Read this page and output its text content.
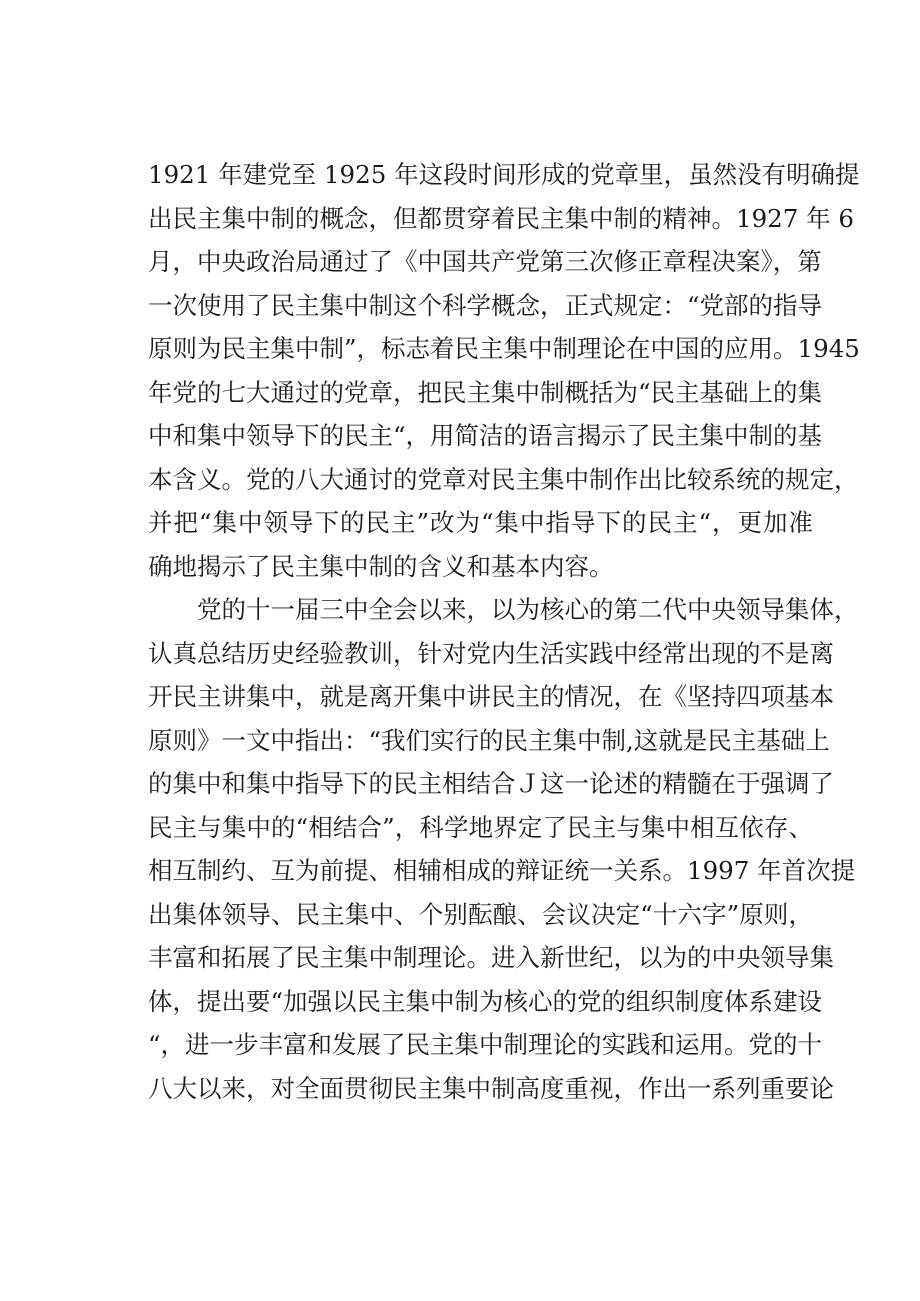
1921 年建党至 1925 年这段时间形成的党章里，虽然没有明确提
出民主集中制的概念，但都贯穿着民主集中制的精神。1927 年 6
月，中央政治局通过了《中国共产党第三次修正章程决案》，第
一次使用了民主集中制这个科学概念，正式规定：“党部的指导
原则为民主集中制”，标志着民主集中制理论在中国的应用。1945
年党的七大通过的党章，把民主集中制概括为“民主基础上的集
中和集中领导下的民主“，用简洁的语言揭示了民主集中制的基
本含义。党的八大通讨的党章对民主集中制作出比较系统的规定，
并把“集中领导下的民主”改为“集中指导下的民主“，更加准
确地揭示了民主集中制的含义和基本内容。
党的十一届三中全会以来，以为核心的第二代中央领导集体，
认真总结历史经验教训，针对党内生活实践中经常出现的不是离
开民主讲集中，就是离开集中讲民主的情况，在《坚持四项基本
原则》一文中指出：“我们实行的民主集中制,这就是民主基础上
的集中和集中指导下的民主相结合Ｊ这一论述的精髓在于强调了
民主与集中的“相结合”，科学地界定了民主与集中相互依存、
相互制约、互为前提、相辅相成的辩证统一关系。1997 年首次提
出集体领导、民主集中、个别酝酿、会议决定“十六字”原则，
丰富和拓展了民主集中制理论。进入新世纪，以为的中央领导集
体，提出要“加强以民主集中制为核心的党的组织制度体系建设
“，进一步丰富和发展了民主集中制理论的实践和运用。党的十
八大以来，对全面贯彻民主集中制高度重视，作出一系列重要论
